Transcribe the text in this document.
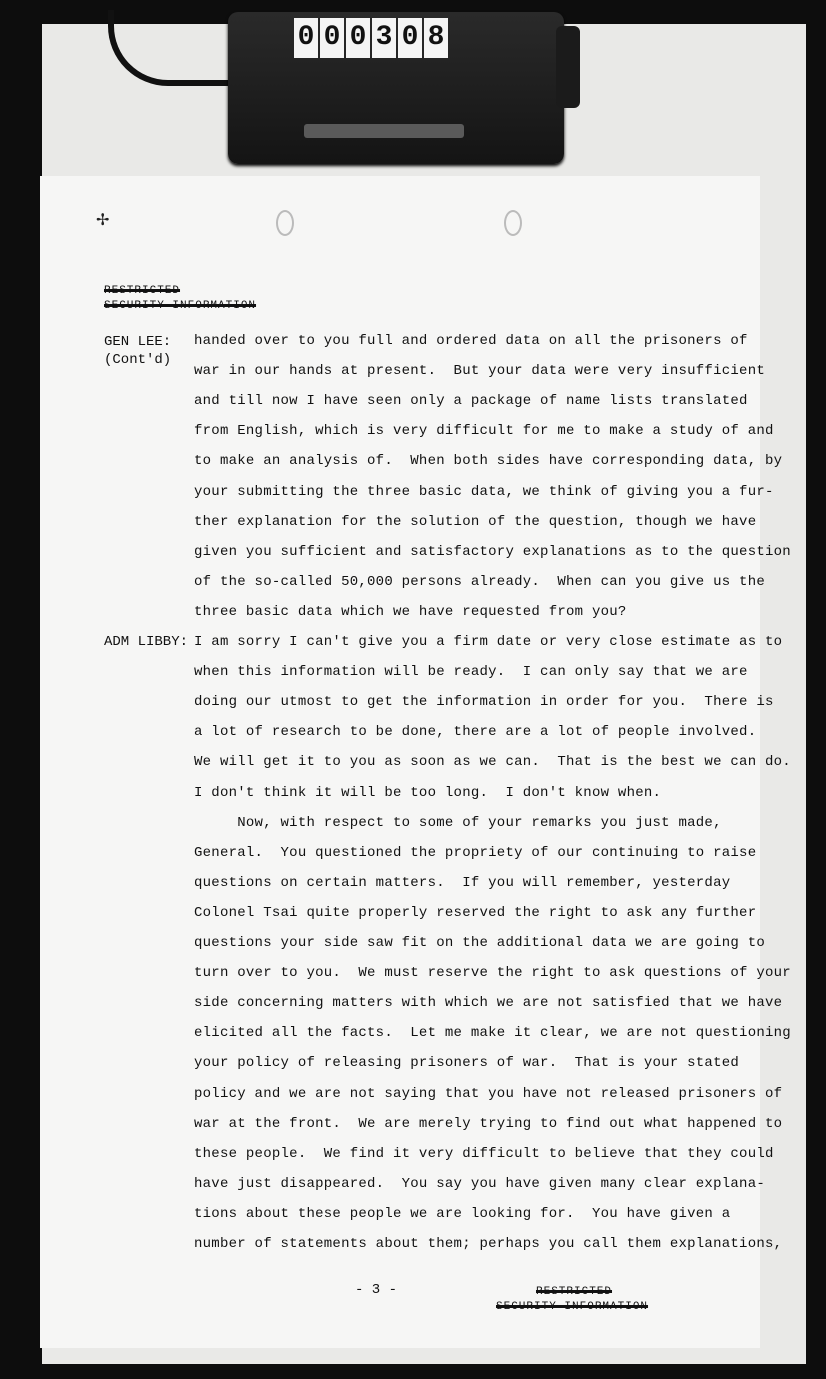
0 0 0 3 0 8
✢
RESTRICTED
SECURITY INFORMATION
GEN LEE:
(Cont'd)
ADM LIBBY:
handed over to you full and ordered data on all the prisoners of
war in our hands at present.  But your data were very insufficient
and till now I have seen only a package of name lists translated
from English, which is very difficult for me to make a study of and
to make an analysis of.  When both sides have corresponding data, by
your submitting the three basic data, we think of giving you a fur-
ther explanation for the solution of the question, though we have
given you sufficient and satisfactory explanations as to the question
of the so-called 50,000 persons already.  When can you give us the
three basic data which we have requested from you?
I am sorry I can't give you a firm date or very close estimate as to
when this information will be ready.  I can only say that we are
doing our utmost to get the information in order for you.  There is
a lot of research to be done, there are a lot of people involved.
We will get it to you as soon as we can.  That is the best we can do.
I don't think it will be too long.  I don't know when.
Now, with respect to some of your remarks you just made,
General.  You questioned the propriety of our continuing to raise
questions on certain matters.  If you will remember, yesterday
Colonel Tsai quite properly reserved the right to ask any further
questions your side saw fit on the additional data we are going to
turn over to you.  We must reserve the right to ask questions of your
side concerning matters with which we are not satisfied that we have
elicited all the facts.  Let me make it clear, we are not questioning
your policy of releasing prisoners of war.  That is your stated
policy and we are not saying that you have not released prisoners of
war at the front.  We are merely trying to find out what happened to
these people.  We find it very difficult to believe that they could
have just disappeared.  You say you have given many clear explana-
tions about these people we are looking for.  You have given a
number of statements about them; perhaps you call them explanations,
- 3 -	RESTRICTED
SECURITY INFORMATION
